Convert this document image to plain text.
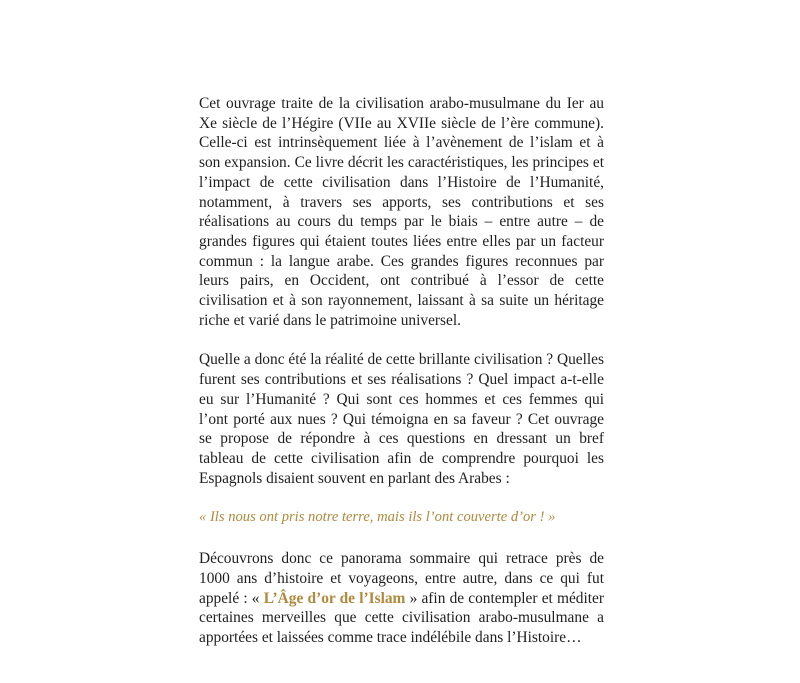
Cet ouvrage traite de la civilisation arabo-musulmane du Ier au Xe siècle de l’Hégire (VIIe au XVIIe siècle de l’ère commune). Celle-ci est intrinsèquement liée à l’avènement de l’islam et à son expansion. Ce livre décrit les caractéristiques, les principes et l’impact de cette civilisation dans l’Histoire de l’Humanité, notamment, à travers ses apports, ses contributions et ses réalisations au cours du temps par le biais – entre autre – de grandes figures qui étaient toutes liées entre elles par un facteur commun : la langue arabe. Ces grandes figures reconnues par leurs pairs, en Occident, ont contribué à l’essor de cette civilisation et à son rayonnement, laissant à sa suite un héritage riche et varié dans le patrimoine universel.

Quelle a donc été la réalité de cette brillante civilisation ? Quelles furent ses contributions et ses réalisations ? Quel impact a-t-elle eu sur l’Humanité ? Qui sont ces hommes et ces femmes qui l’ont porté aux nues ? Qui témoigna en sa faveur ? Cet ouvrage se propose de répondre à ces questions en dressant un bref tableau de cette civilisation afin de comprendre pourquoi les Espagnols disaient souvent en parlant des Arabes :

« Ils nous ont pris notre terre, mais ils l’ont couverte d’or ! »

Découvrons donc ce panorama sommaire qui retrace près de 1000 ans d’histoire et voyageons, entre autre, dans ce qui fut appelé : « L’Âge d’or de l’Islam » afin de contempler et méditer certaines merveilles que cette civilisation arabo-musulmane a apportées et laissées comme trace indélébile dans l’Histoire…
